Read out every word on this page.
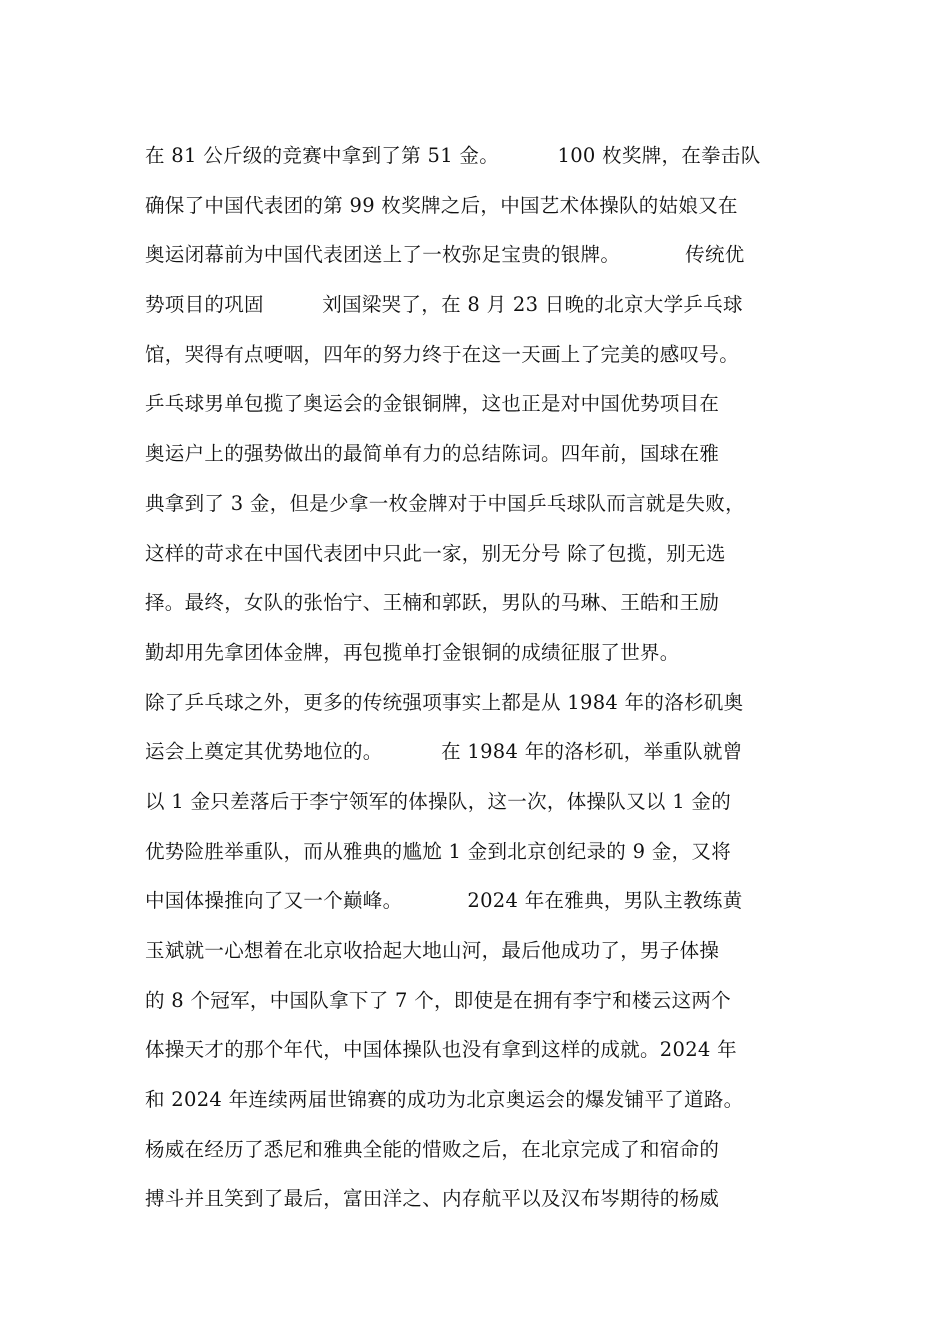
在 81 公斤级的竞赛中拿到了第 51 金。         100 枚奖牌，在拳击队
确保了中国代表团的第 99 枚奖牌之后，中国艺术体操队的姑娘又在
奥运闭幕前为中国代表团送上了一枚弥足宝贵的银牌。          传统优
势项目的巩固         刘国梁哭了，在 8 月 23 日晚的北京大学乒乓球
馆，哭得有点哽咽，四年的努力终于在这一天画上了完美的感叹号。
乒乓球男单包揽了奥运会的金银铜牌，这也正是对中国优势项目在
奥运户上的强势做出的最简单有力的总结陈词。四年前，国球在雅
典拿到了 3 金，但是少拿一枚金牌对于中国乒乓球队而言就是失败，
这样的苛求在中国代表团中只此一家，别无分号 除了包揽，别无选
择。最终，女队的张怡宁、王楠和郭跃，男队的马琳、王皓和王励
勤却用先拿团体金牌，再包揽单打金银铜的成绩征服了世界。
除了乒乓球之外，更多的传统强项事实上都是从 1984 年的洛杉矶奥
运会上奠定其优势地位的。         在 1984 年的洛杉矶，举重队就曾
以 1 金只差落后于李宁领军的体操队，这一次，体操队又以 1 金的
优势险胜举重队，而从雅典的尴尬 1 金到北京创纪录的 9 金，又将
中国体操推向了又一个巅峰。          2024 年在雅典，男队主教练黄
玉斌就一心想着在北京收拾起大地山河，最后他成功了，男子体操
的 8 个冠军，中国队拿下了 7 个，即使是在拥有李宁和楼云这两个
体操天才的那个年代，中国体操队也没有拿到这样的成就。2024 年
和 2024 年连续两届世锦赛的成功为北京奥运会的爆发铺平了道路。
杨威在经历了悉尼和雅典全能的惜败之后，在北京完成了和宿命的
搏斗并且笑到了最后，富田洋之、内存航平以及汉布岑期待的杨威
